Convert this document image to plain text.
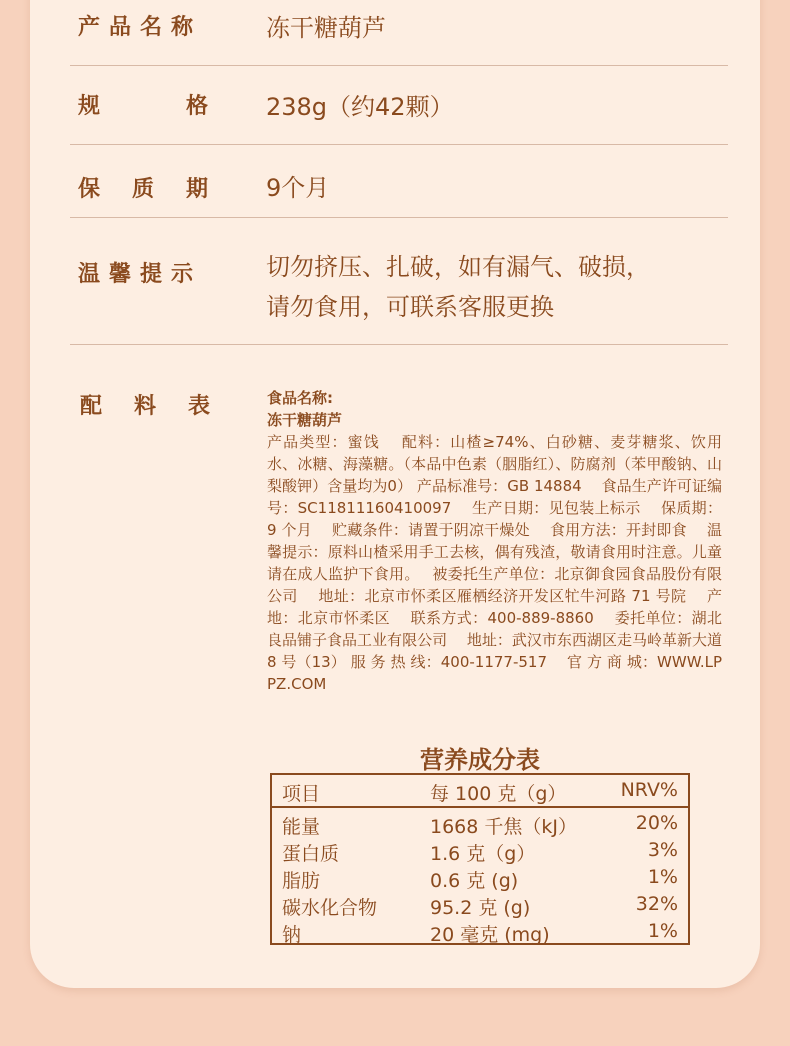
产品名称	冻干糖葫芦
规	格 238g（约42颗）
保 质 期 9个月
温馨提示	切勿挤压、扎破，如有漏气、破损，
请勿食用，可联系客服更换
配 料 表	食品名称:
冻干糖葫芦
产品类型：蜜饯　 配料：山楂≥74%、白砂糖、麦芽糖浆、饮用水、冰糖、海藻糖。（本品中色素（胭脂红）、防腐剂（苯甲酸钠、山梨酸钾）含量均为0） 产品标准号：GB 14884　 食品生产许可证编号：SC11811160410097　 生产日期：见包装上标示　 保质期：9 个月　 贮藏条件：请置于阴凉干燥处　 食用方法：开封即食　 温馨提示：原料山楂采用手工去核，偶有残渣，敬请食用时注意。儿童请在成人监护下食用。　 被委托生产单位：北京御食园食品股份有限公司　 地址：北京市怀柔区雁栖经济开发区牤牛河路 71 号院　 产地：北京市怀柔区　 联系方式：400-889-8860　 委托单位：湖北良品铺子食品工业有限公司　 地址：武汉市东西湖区走马岭革新大道 8 号（13） 服 务 热 线：400-1177-517　 官 方 商 城：WWW.LPPZ.COM
营养成分表
项目	每 100 克（g）	NRV%
能量	1668 千焦（kJ）	20%
蛋白质	1.6 克（g）	3%
脂肪	0.6 克 (g)	1%
碳水化合物	95.2 克 (g)	32%
钠	20 毫克 (mg)	1%
